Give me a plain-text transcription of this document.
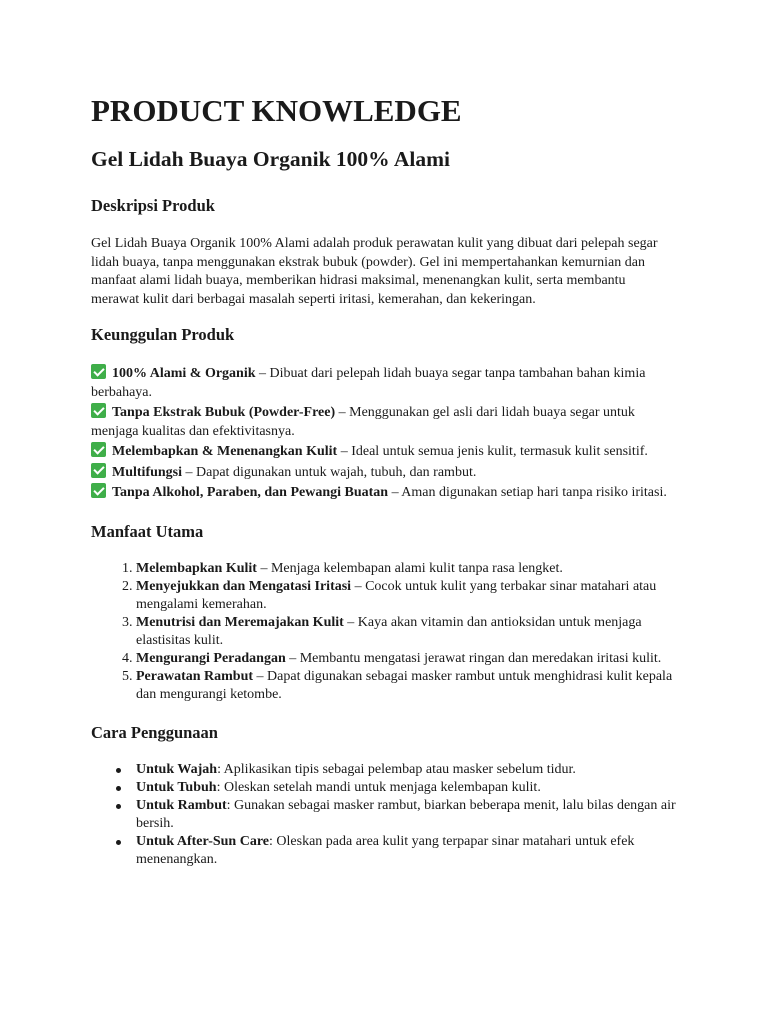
PRODUCT KNOWLEDGE
Gel Lidah Buaya Organik 100% Alami
Deskripsi Produk

Gel Lidah Buaya Organik 100% Alami adalah produk perawatan kulit yang dibuat dari pelepah segar lidah buaya, tanpa menggunakan ekstrak bubuk (powder). Gel ini mempertahankan kemurnian dan manfaat alami lidah buaya, memberikan hidrasi maksimal, menenangkan kulit, serta membantu merawat kulit dari berbagai masalah seperti iritasi, kemerahan, dan kekeringan.

Keunggulan Produk

100% Alami & Organik – Dibuat dari pelepah lidah buaya segar tanpa tambahan bahan kimia berbahaya.

Tanpa Ekstrak Bubuk (Powder-Free) – Menggunakan gel asli dari lidah buaya segar untuk menjaga kualitas dan efektivitasnya.

Melembapkan & Menenangkan Kulit – Ideal untuk semua jenis kulit, termasuk kulit sensitif.

Multifungsi – Dapat digunakan untuk wajah, tubuh, dan rambut.

Tanpa Alkohol, Paraben, dan Pewangi Buatan – Aman digunakan setiap hari tanpa risiko iritasi.

Manfaat Utama
1. Melembapkan Kulit – Menjaga kelembapan alami kulit tanpa rasa lengket.
2. Menyejukkan dan Mengatasi Iritasi – Cocok untuk kulit yang terbakar sinar matahari atau mengalami kemerahan.
3. Menutrisi dan Meremajakan Kulit – Kaya akan vitamin dan antioksidan untuk menjaga elastisitas kulit.
4. Mengurangi Peradangan – Membantu mengatasi jerawat ringan dan meredakan iritasi kulit.
5. Perawatan Rambut – Dapat digunakan sebagai masker rambut untuk menghidrasi kulit kepala dan mengurangi ketombe.
Cara Penggunaan
Untuk Wajah: Aplikasikan tipis sebagai pelembap atau masker sebelum tidur.
Untuk Tubuh: Oleskan setelah mandi untuk menjaga kelembapan kulit.
Untuk Rambut: Gunakan sebagai masker rambut, biarkan beberapa menit, lalu bilas dengan air bersih.
Untuk After-Sun Care: Oleskan pada area kulit yang terpapar sinar matahari untuk efek menenangkan.
